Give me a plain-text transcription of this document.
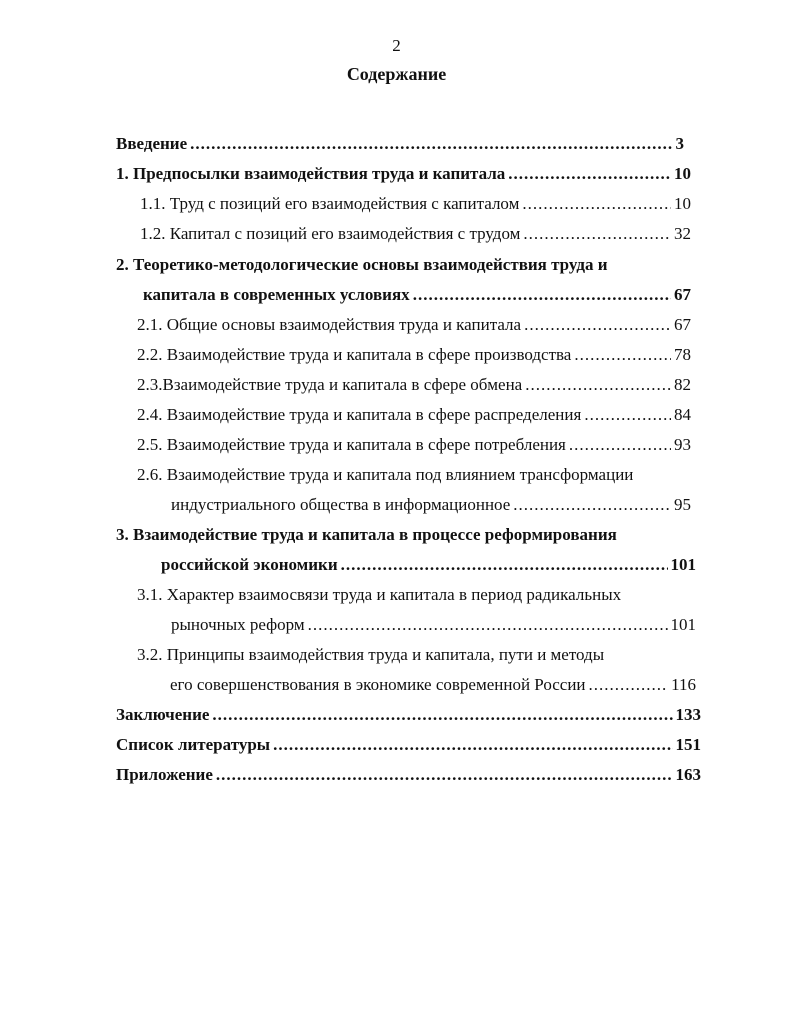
2
Содержание
Введение .....	3
1. Предпосылки взаимодействия труда и капитала .....	10
1.1. Труд с позиций его взаимодействия с капиталом .....	10
1.2. Капитал с позиций его взаимодействия с трудом .....	32
2. Теоретико-методологические основы взаимодействия труда и
капитала в современных условиях .....	67
2.1. Общие основы взаимодействия труда и капитала .....	67
2.2. Взаимодействие труда и капитала в сфере производства .....	78
2.3.Взаимодействие труда и капитала в сфере обмена .....	82
2.4. Взаимодействие труда и капитала в сфере распределения .....	84
2.5. Взаимодействие труда и капитала в сфере потребления .....	93
2.6. Взаимодействие труда и капитала под влиянием трансформации
индустриального общества в информационное .....	95
3. Взаимодействие труда и капитала в процессе реформирования
российской экономики .....	101
3.1. Характер взаимосвязи труда и капитала в период радикальных
рыночных реформ .....	101
3.2. Принципы взаимодействия труда и капитала, пути и методы
его совершенствования в экономике современной России .....	116
Заключение .....	133
Список литературы .....	151
Приложение .....	163
